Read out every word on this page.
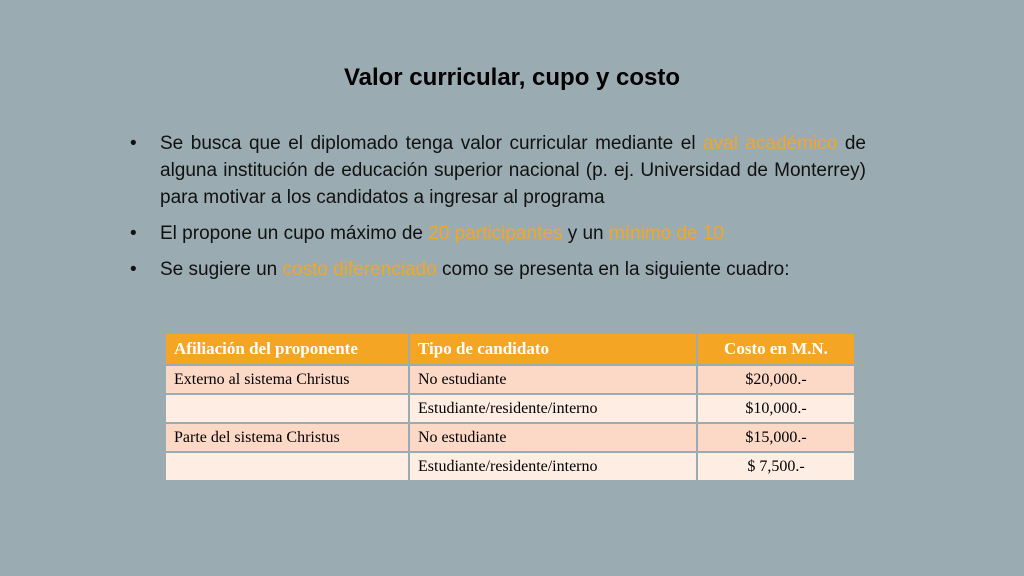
Valor curricular, cupo y costo
• Se busca que el diplomado tenga valor curricular mediante el aval académico de alguna institución de educación superior nacional (p. ej. Universidad de Monterrey) para motivar a los candidatos a ingresar al programa
• El propone un cupo máximo de 20 participantes y un mínimo de 10
• Se sugiere un costo diferenciado como se presenta en la siguiente cuadro:
Afiliación del proponente	Tipo de candidato	Costo en M.N.
Externo al sistema Christus	No estudiante	$20,000.-
	Estudiante/residente/interno	$10,000.-
Parte del sistema Christus	No estudiante	$15,000.-
	Estudiante/residente/interno	$ 7,500.-
